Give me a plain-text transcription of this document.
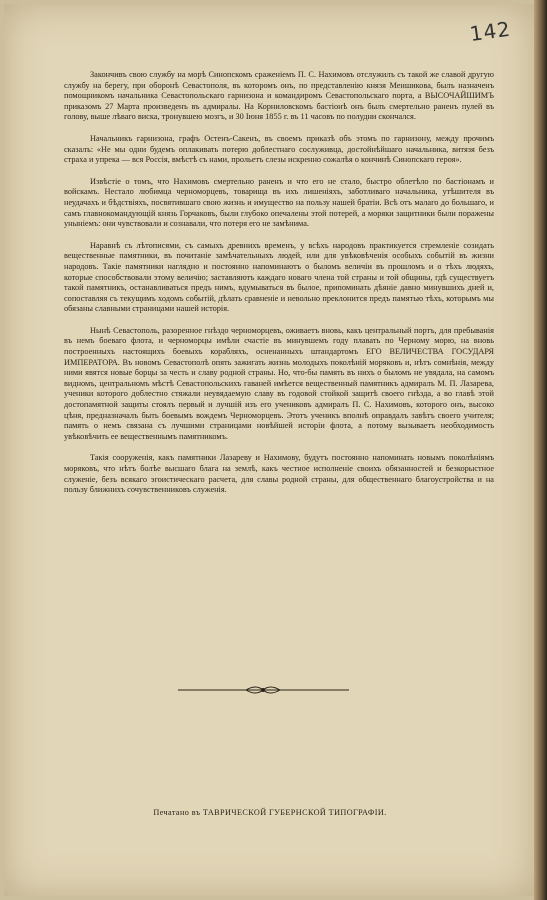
142

Закончивъ свою службу на морѣ Синопскомъ сраженіемъ П. С. Нахимовъ отслужилъ съ такой же славой другую службу на берегу, при оборонѣ Севастополя, въ которомъ онъ, по представленію князя Меншикова, былъ назначенъ помощникомъ начальника Севастопольскаго гарнизона и командиромъ Севастопольскаго порта, а ВЫСОЧАЙШИМЪ приказомъ 27 Марта произведенъ въ адмиралы. На Корниловскомъ бастіонѣ онъ былъ смертельно раненъ пулей въ голову, выше лѣваго виска, тронувшею мозгъ, и 30 Іюня 1855 г. въ 11 часовъ по полудни скончался.

Начальникъ гарнизона, графъ Остенъ-Сакенъ, въ своемъ приказѣ объ этомъ по гарнизону, между прочимъ сказалъ: «Не мы одни будемъ оплакивать потерю доблестнаго сослуживца, достойнѣйшаго начальника, витязя безъ страха и упрека — вся Россія, вмѣстѣ съ нами, прольетъ слезы искренно сожалѣя о кончинѣ Синопскаго героя».

Извѣстіе о томъ, что Нахимовъ смертельно раненъ и что его не стало, быстро облетѣло по бастіонамъ и войскамъ. Нестало любимца черноморцевъ, товарища въ ихъ лишеніяхъ, заботливаго начальника, утѣшителя въ неудачахъ и бѣдствіяхъ, посвятившаго свою жизнь и имущество на пользу нашей братіи. Всѣ отъ малаго до большаго, и самъ главнокомандующій князь Горчаковъ, были глубоко опечалены этой потерей, а моряки защитники были поражены уныніемъ: они чувствовали и сознавали, что потеря его не замѣнима.

Наравнѣ съ лѣтописями, съ самыхъ древнихъ временъ, у всѣхъ народовъ практикуется стремленіе созидать вещественные памятники, въ почитаніе замѣчательныхъ людей, или для увѣковѣченія особыхъ событій въ жизни народовъ. Такіе памятники наглядно и постоянно напоминаютъ о быломъ величіи въ прошломъ и о тѣхъ людяхъ, которые способствовали этому величію; заставляютъ каждаго новаго члена той страны и той общины, гдѣ существуетъ такой памятникъ, останавливаться предъ нимъ, вдумываться въ былое, припоминать дѣяніе давно минувшихъ дней и, сопоставляя съ текущимъ ходомъ событій, дѣлать сравненіе и невольно преклонится предъ памятью тѣхъ, которымъ мы обязаны славными страницами нашей исторія.

Нынѣ Севастополь, разоренное гнѣздо черноморцевъ, оживаетъ вновь, какъ центральный портъ, для пребыванія въ немъ боеваго флота, и черноморцы имѣли счастіе въ минувшемъ году плавать по Черному морю, на вновь построенныхъ настоящихъ боевыхъ корабляхъ, осненанныхъ штандартомъ ЕГО ВЕЛИЧЕСТВА ГОСУДАРЯ ИМПЕРАТОРА. Въ новомъ Севастополѣ опять зажигать жизнь молодыхъ поколѣній моряковъ и, нѣтъ сомнѣнія, между ними явятся новые борцы за честь и славу родной страны. Но, что-бы память въ нихъ о быломъ не увядала, на самомъ видномъ, центральномъ мѣстѣ Севастопольскихъ гаваней имѣется вещественный памятникъ адмиралъ М. П. Лазарева, ученики которого доблестно стяжали неувядаемую славу въ годовой стойкой защитѣ своего гнѣзда, а во главѣ этой достопамятной защиты стоялъ первый и лучшій изъ его учениковъ адмиралъ П. С. Нахимовъ, которого онъ, высоко цѣня, предназначалъ быть боевымъ вождемъ Черноморцевъ. Этотъ ученикъ вполнѣ оправдалъ завѣтъ своего учителя; память о немъ связана съ лучшими страницами новѣйшей исторіи флота, а потому вызываетъ необходимость увѣковѣчить ее вещественнымъ памятникомъ.

Такія сооруженія, какъ памятники Лазареву и Нахимову, будутъ постоянно напоминать новымъ поколѣніямъ моряковъ, что нѣтъ болѣе высшаго блага на землѣ, какъ честное исполненіе своихъ обязанностей и безкорыстное служеніе, безъ всякаго эгоистическаго расчета, для славы родной страны, для общественнаго благоустройства и на пользу ближнихъ сочувственниковъ служенія.

Печатано въ ТАВРИЧЕСКОЙ ГУБЕРНСКОЙ ТИПОГРАФІИ.
